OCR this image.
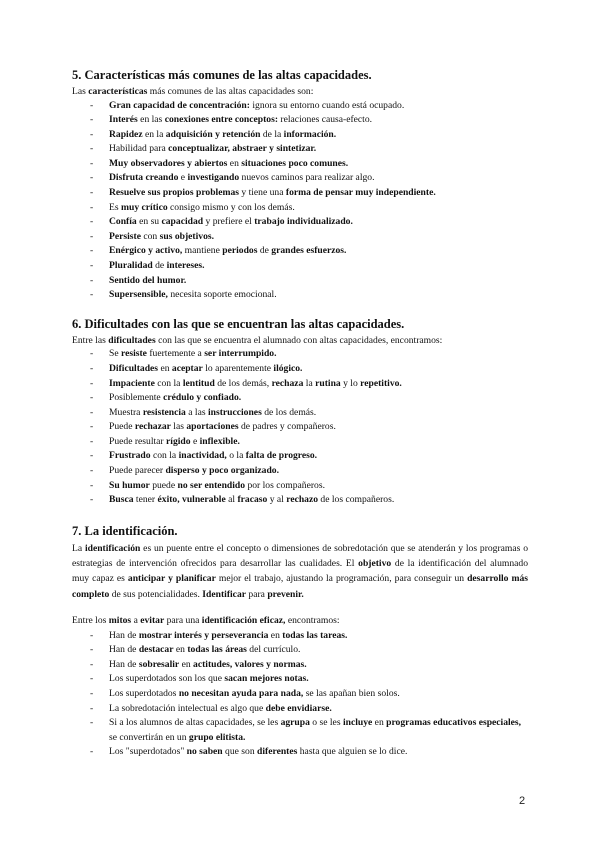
5. Características más comunes de las altas capacidades.

Las características más comunes de las altas capacidades son:

- Gran capacidad de concentración: ignora su entorno cuando está ocupado.
- Interés en las conexiones entre conceptos: relaciones causa-efecto.
- Rapidez en la adquisición y retención de la información.
- Habilidad para conceptualizar, abstraer y sintetizar.
- Muy observadores y abiertos en situaciones poco comunes.
- Disfruta creando e investigando nuevos caminos para realizar algo.
- Resuelve sus propios problemas y tiene una forma de pensar muy independiente.
- Es muy crítico consigo mismo y con los demás.
- Confía en su capacidad y prefiere el trabajo individualizado.
- Persiste con sus objetivos.
- Enérgico y activo, mantiene periodos de grandes esfuerzos.
- Pluralidad de intereses.
- Sentido del humor.
- Supersensible, necesita soporte emocional.
6. Dificultades con las que se encuentran las altas capacidades.

Entre las dificultades con las que se encuentra el alumnado con altas capacidades, encontramos:

- Se resiste fuertemente a ser interrumpido.
- Dificultades en aceptar lo aparentemente ilógico.
- Impaciente con la lentitud de los demás, rechaza la rutina y lo repetitivo.
- Posiblemente crédulo y confiado.
- Muestra resistencia a las instrucciones de los demás.
- Puede rechazar las aportaciones de padres y compañeros.
- Puede resultar rígido e inflexible.
- Frustrado con la inactividad, o la falta de progreso.
- Puede parecer disperso y poco organizado.
- Su humor puede no ser entendido por los compañeros.
- Busca tener éxito, vulnerable al fracaso y al rechazo de los compañeros.
7. La identificación.

La identificación es un puente entre el concepto o dimensiones de sobredotación que se atenderán y los programas o estrategias de intervención ofrecidos para desarrollar las cualidades. El objetivo de la identificación del alumnado muy capaz es anticipar y planificar mejor el trabajo, ajustando la programación, para conseguir un desarrollo más completo de sus potencialidades. Identificar para prevenir.

Entre los mitos a evitar para una identificación eficaz, encontramos:

- Han de mostrar interés y perseverancia en todas las tareas.
- Han de destacar en todas las áreas del currículo.
- Han de sobresalir en actitudes, valores y normas.
- Los superdotados son los que sacan mejores notas.
- Los superdotados no necesitan ayuda para nada, se las apañan bien solos.
- La sobredotación intelectual es algo que debe envidiarse.
- Si a los alumnos de altas capacidades, se les agrupa o se les incluye en programas educativos especiales, se convertirán en un grupo elitista.
- Los "superdotados" no saben que son diferentes hasta que alguien se lo dice.
2
